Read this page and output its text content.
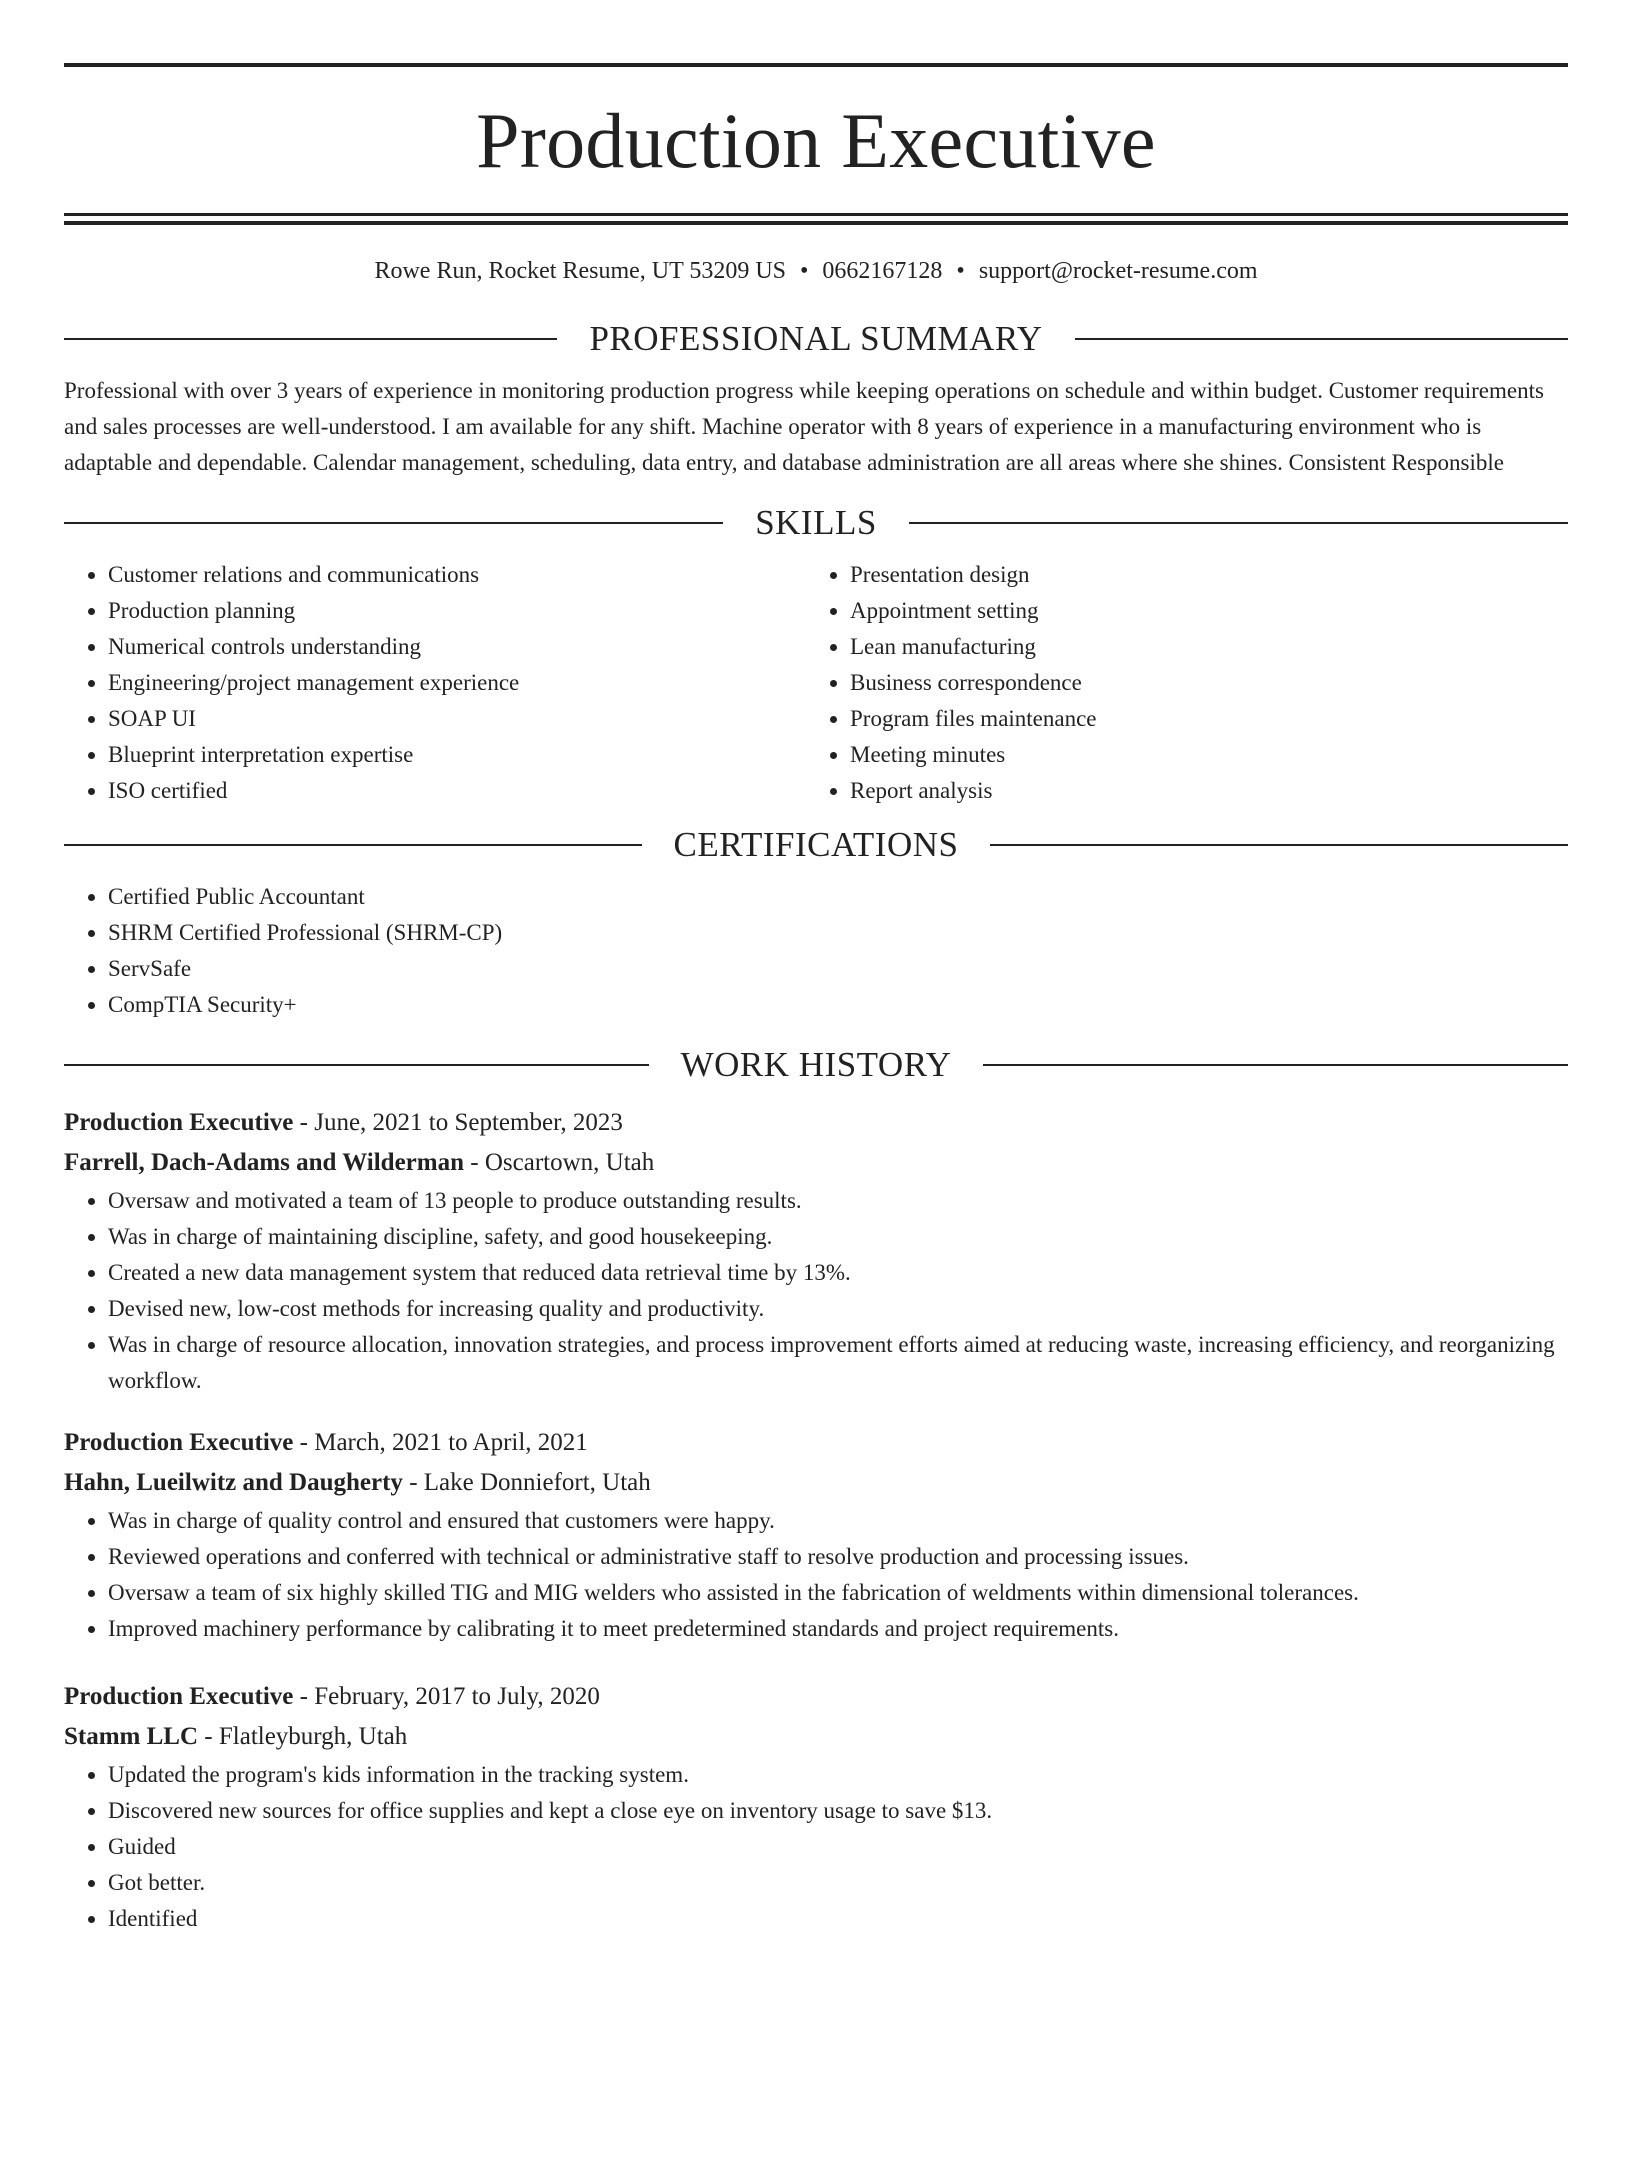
Production Executive
Rowe Run, Rocket Resume, UT 53209 US • 0662167128 • support@rocket-resume.com
PROFESSIONAL SUMMARY

Professional with over 3 years of experience in monitoring production progress while keeping operations on schedule and within budget. Customer requirements and sales processes are well-understood. I am available for any shift. Machine operator with 8 years of experience in a manufacturing environment who is adaptable and dependable. Calendar management, scheduling, data entry, and database administration are all areas where she shines. Consistent Responsible

SKILLS
• Customer relations and communications
• Production planning
• Numerical controls understanding
• Engineering/project management experience
• SOAP UI
• Blueprint interpretation expertise
• ISO certified
• Presentation design
• Appointment setting
• Lean manufacturing
• Business correspondence
• Program files maintenance
• Meeting minutes
• Report analysis
CERTIFICATIONS
• Certified Public Accountant
• SHRM Certified Professional (SHRM-CP)
• ServSafe
• CompTIA Security+
WORK HISTORY
Production Executive - June, 2021 to September, 2023
Farrell, Dach-Adams and Wilderman - Oscartown, Utah
• Oversaw and motivated a team of 13 people to produce outstanding results.
• Was in charge of maintaining discipline, safety, and good housekeeping.
• Created a new data management system that reduced data retrieval time by 13%.
• Devised new, low-cost methods for increasing quality and productivity.
• Was in charge of resource allocation, innovation strategies, and process improvement efforts aimed at reducing waste, increasing efficiency, and reorganizing workflow.
Production Executive - March, 2021 to April, 2021
Hahn, Lueilwitz and Daugherty - Lake Donniefort, Utah
• Was in charge of quality control and ensured that customers were happy.
• Reviewed operations and conferred with technical or administrative staff to resolve production and processing issues.
• Oversaw a team of six highly skilled TIG and MIG welders who assisted in the fabrication of weldments within dimensional tolerances.
• Improved machinery performance by calibrating it to meet predetermined standards and project requirements.
Production Executive - February, 2017 to July, 2020
Stamm LLC - Flatleyburgh, Utah
• Updated the program's kids information in the tracking system.
• Discovered new sources for office supplies and kept a close eye on inventory usage to save $13.
• Guided
• Got better.
• Identified
